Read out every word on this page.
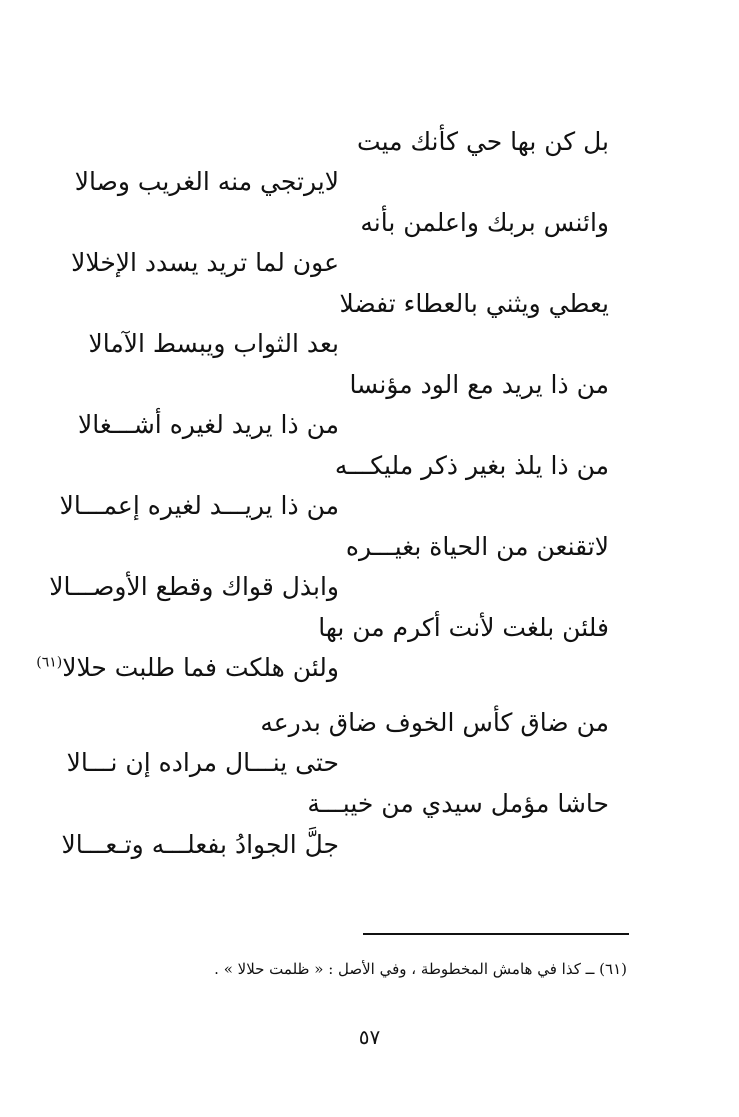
بل كن بها حي كأنك ميت
لايرتجي منه الغريب وصالا
وائنس بربك واعلمن بأنه
عون لما تريد يسدد الإخلالا
يعطي ويثني بالعطاء تفضلا
بعد الثواب ويبسط الآمالا
من ذا يريد مع الود مؤنسا
من ذا يريد لغيره أشـــغالا
من ذا يلذ بغير ذكر مليكـــه
من ذا يريـــد لغيره إعمـــالا
لاتقنعن من الحياة بغيـــره
وابذل قواك وقطع الأوصـــالا
فلئن بلغت لأنت أكرم من بها
ولئن هلكت فما طلبت حلالا$^{(٦١)}$
من ضاق كأس الخوف ضاق بدرعه
حتى ينـــال مراده إن نـــالا
حاشا مؤمل سيدي من خيبـــة
جلَّ الجوادُ بفعلـــه وتـعـــالا
(٦١) ــ كذا في هامش المخطوطة ، وفي الأصل : « ظلمت حلالا » .
٥٧
